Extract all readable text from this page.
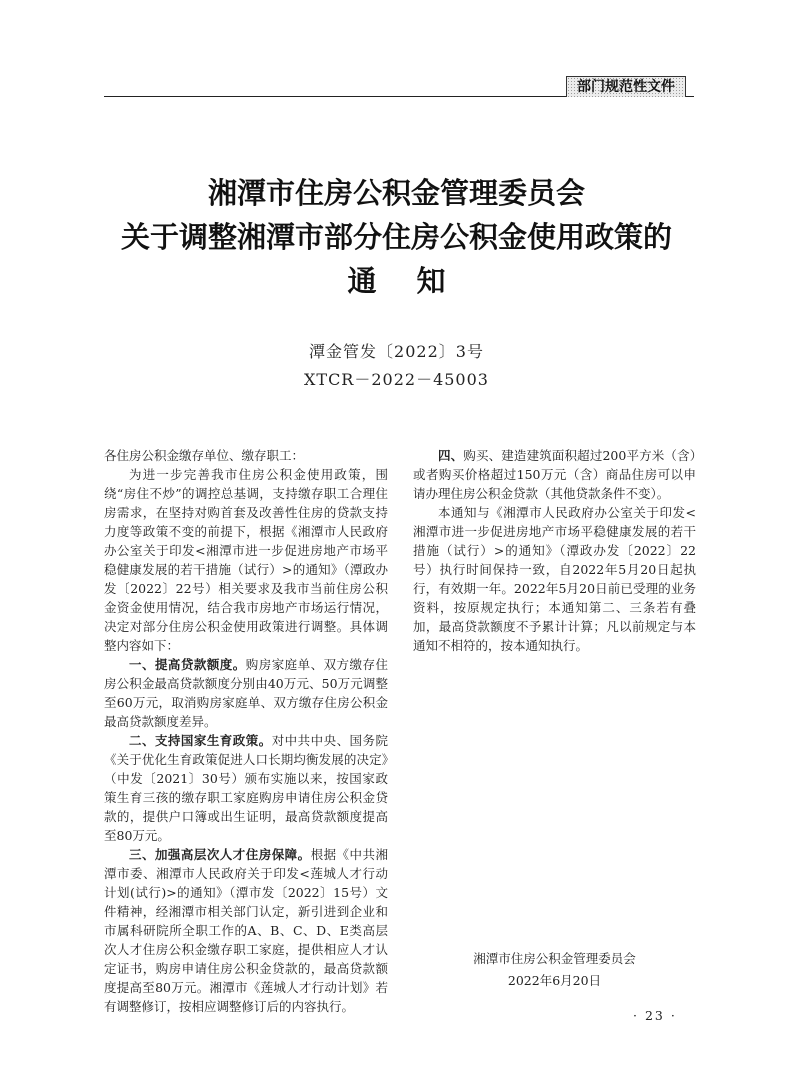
部门规范性文件
湘潭市住房公积金管理委员会
关于调整湘潭市部分住房公积金使用政策的
通知
潭金管发〔2022〕3号
XTCR－2022－45003

各住房公积金缴存单位、缴存职工：

为进一步完善我市住房公积金使用政策，围绕“房住不炒”的调控总基调，支持缴存职工合理住房需求，在坚持对购首套及改善性住房的贷款支持力度等政策不变的前提下，根据《湘潭市人民政府办公室关于印发<湘潭市进一步促进房地产市场平稳健康发展的若干措施（试行）>的通知》（潭政办发〔2022〕22号）相关要求及我市当前住房公积金资金使用情况，结合我市房地产市场运行情况，决定对部分住房公积金使用政策进行调整。具体调整内容如下：

一、提高贷款额度。购房家庭单、双方缴存住房公积金最高贷款额度分别由40万元、50万元调整至60万元，取消购房家庭单、双方缴存住房公积金最高贷款额度差异。

二、支持国家生育政策。对中共中央、国务院《关于优化生育政策促进人口长期均衡发展的决定》（中发〔2021〕30号）颁布实施以来，按国家政策生育三孩的缴存职工家庭购房申请住房公积金贷款的，提供户口簿或出生证明，最高贷款额度提高至80万元。

三、加强高层次人才住房保障。根据《中共湘潭市委、湘潭市人民政府关于印发<莲城人才行动计划(试行)>的通知》（潭市发〔2022〕15号）文件精神，经湘潭市相关部门认定，新引进到企业和市属科研院所全职工作的A、B、C、D、E类高层次人才住房公积金缴存职工家庭，提供相应人才认定证书，购房申请住房公积金贷款的，最高贷款额度提高至80万元。湘潭市《莲城人才行动计划》若有调整修订，按相应调整修订后的内容执行。

四、购买、建造建筑面积超过200平方米（含）或者购买价格超过150万元（含）商品住房可以申请办理住房公积金贷款（其他贷款条件不变）。

本通知与《湘潭市人民政府办公室关于印发<湘潭市进一步促进房地产市场平稳健康发展的若干措施（试行）>的通知》（潭政办发〔2022〕22号）执行时间保持一致，自2022年5月20日起执行，有效期一年。2022年5月20日前已受理的业务资料，按原规定执行；本通知第二、三条若有叠加，最高贷款额度不予累计计算；凡以前规定与本通知不相符的，按本通知执行。

湘潭市住房公积金管理委员会
2022年6月20日
· 23 ·
